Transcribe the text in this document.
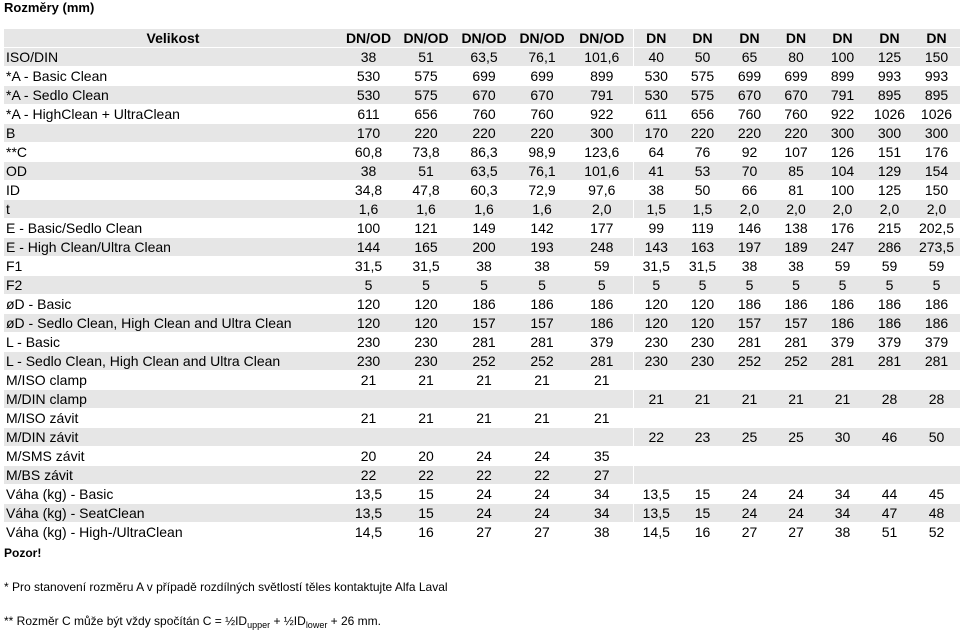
Rozměry (mm)
Velikost	DN/OD	DN/OD	DN/OD	DN/OD	DN/OD	DN	DN	DN	DN	DN	DN	DN
ISO/DIN	38	51	63,5	76,1	101,6	40	50	65	80	100	125	150
*A - Basic Clean	530	575	699	699	899	530	575	699	699	899	993	993
*A - Sedlo Clean	530	575	670	670	791	530	575	670	670	791	895	895
*A - HighClean + UltraClean	611	656	760	760	922	611	656	760	760	922	1026	1026
B	170	220	220	220	300	170	220	220	220	300	300	300
**C	60,8	73,8	86,3	98,9	123,6	64	76	92	107	126	151	176
OD	38	51	63,5	76,1	101,6	41	53	70	85	104	129	154
ID	34,8	47,8	60,3	72,9	97,6	38	50	66	81	100	125	150
t	1,6	1,6	1,6	1,6	2,0	1,5	1,5	2,0	2,0	2,0	2,0	2,0
E - Basic/Sedlo Clean	100	121	149	142	177	99	119	146	138	176	215	202,5
E - High Clean/Ultra Clean	144	165	200	193	248	143	163	197	189	247	286	273,5
F1	31,5	31,5	38	38	59	31,5	31,5	38	38	59	59	59
F2	5	5	5	5	5	5	5	5	5	5	5	5
øD - Basic	120	120	186	186	186	120	120	186	186	186	186	186
øD - Sedlo Clean, High Clean and Ultra Clean	120	120	157	157	186	120	120	157	157	186	186	186
L - Basic	230	230	281	281	379	230	230	281	281	379	379	379
L - Sedlo Clean, High Clean and Ultra Clean	230	230	252	252	281	230	230	252	252	281	281	281
M/ISO clamp	21	21	21	21	21							
M/DIN clamp						21	21	21	21	21	28	28
M/ISO závit	21	21	21	21	21							
M/DIN závit						22	23	25	25	30	46	50
M/SMS závit	20	20	24	24	35							
M/BS závit	22	22	22	22	27							
Váha (kg) - Basic	13,5	15	24	24	34	13,5	15	24	24	34	44	45
Váha (kg) - SeatClean	13,5	15	24	24	34	13,5	15	24	24	34	47	48
Váha (kg) - High-/UltraClean	14,5	16	27	27	38	14,5	16	27	27	38	51	52
Pozor!
* Pro stanovení rozměru A v případě rozdílných světlostí těles kontaktujte Alfa Laval
** Rozměr C může být vždy spočítán $C = \frac{1}{2}ID_{upper}$ + $\frac{1}{2}ID_{lower} + 26$ mm.
